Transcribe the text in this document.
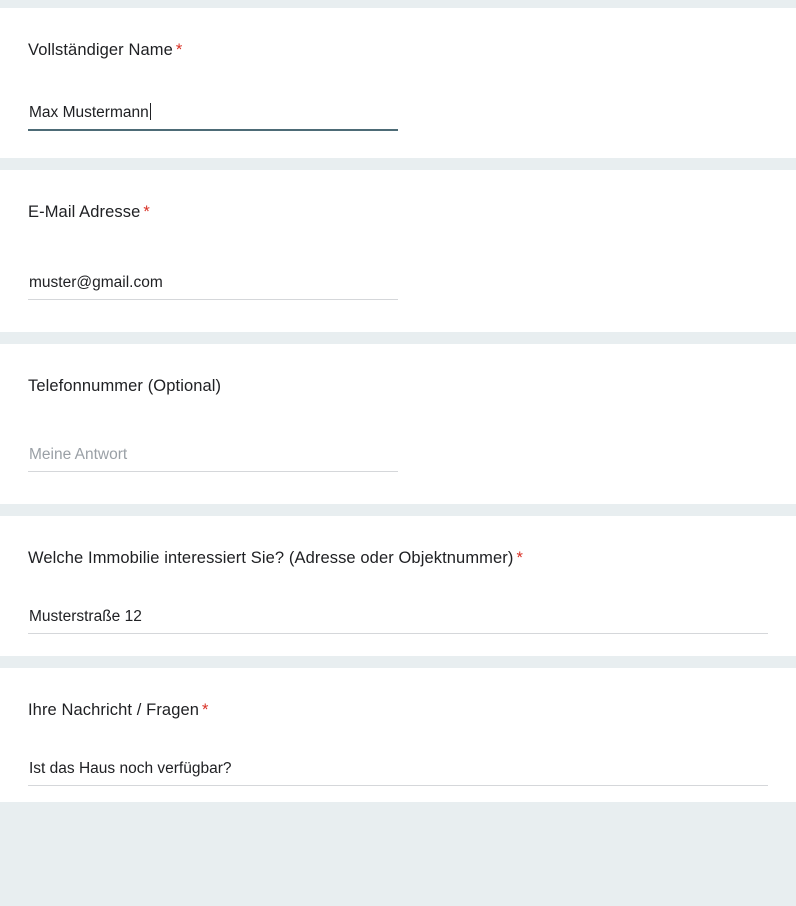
Vollständiger Name *
Max Mustermann
E-Mail Adresse *
muster@gmail.com
Telefonnummer (Optional)
Meine Antwort
Welche Immobilie interessiert Sie? (Adresse oder Objektnummer) *
Musterstraße 12
Ihre Nachricht / Fragen *
Ist das Haus noch verfügbar?
